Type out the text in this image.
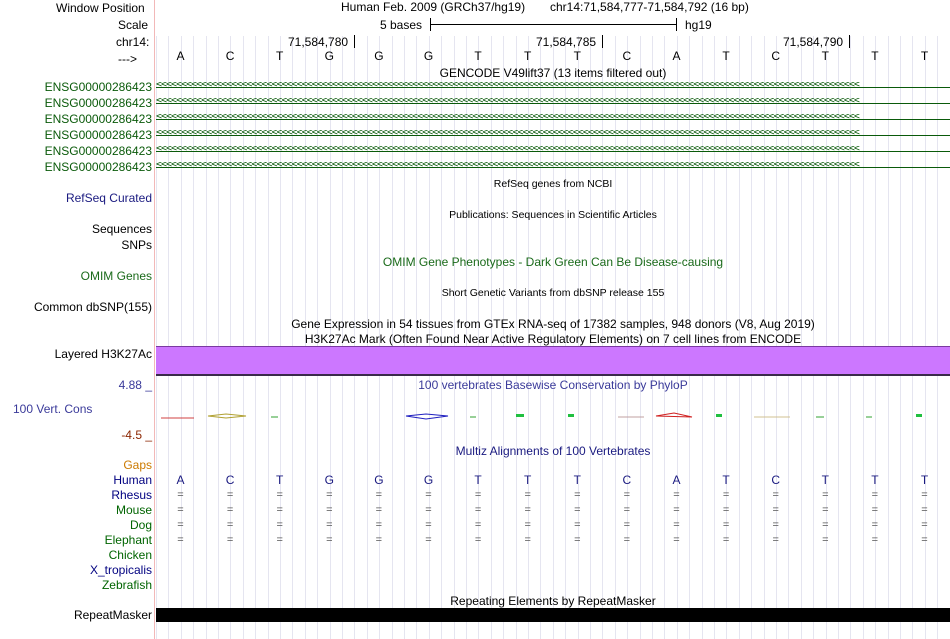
Window Position	Human Feb. 2009 (GRCh37/hg19) chr14:71,584,777-71,584,792 (16 bp)
Scale	5 bases	hg19
chr14:	71,584,780	71,584,785	71,584,790
--->	A	C	T	G	G	G	T	T	T	C	A	T	C	T	T	T
GENCODE V49lift37 (13 items filtered out)
ENSG00000286423 <<<<<<<<<<<<<<<<<<<<<<<<<<<<<<<<<<<<<<<<<<<<<<<<<<<<<<<<<<<<<<<<<<<<<<<<<<<<<<<<<<<<<<<<<<<<<<<<<<<<<<<<<<<<<<<<<<<<<<<<<<<<<<<<<<<<<<<<<<<<
ENSG00000286423 <<<<<<<<<<<<<<<<<<<<<<<<<<<<<<<<<<<<<<<<<<<<<<<<<<<<<<<<<<<<<<<<<<<<<<<<<<<<<<<<<<<<<<<<<<<<<<<<<<<<<<<<<<<<<<<<<<<<<<<<<<<<<<<<<<<<<<<<<<<<
ENSG00000286423 <<<<<<<<<<<<<<<<<<<<<<<<<<<<<<<<<<<<<<<<<<<<<<<<<<<<<<<<<<<<<<<<<<<<<<<<<<<<<<<<<<<<<<<<<<<<<<<<<<<<<<<<<<<<<<<<<<<<<<<<<<<<<<<<<<<<<<<<<<<<
ENSG00000286423 <<<<<<<<<<<<<<<<<<<<<<<<<<<<<<<<<<<<<<<<<<<<<<<<<<<<<<<<<<<<<<<<<<<<<<<<<<<<<<<<<<<<<<<<<<<<<<<<<<<<<<<<<<<<<<<<<<<<<<<<<<<<<<<<<<<<<<<<<<<<
ENSG00000286423 <<<<<<<<<<<<<<<<<<<<<<<<<<<<<<<<<<<<<<<<<<<<<<<<<<<<<<<<<<<<<<<<<<<<<<<<<<<<<<<<<<<<<<<<<<<<<<<<<<<<<<<<<<<<<<<<<<<<<<<<<<<<<<<<<<<<<<<<<<<<
ENSG00000286423 <<<<<<<<<<<<<<<<<<<<<<<<<<<<<<<<<<<<<<<<<<<<<<<<<<<<<<<<<<<<<<<<<<<<<<<<<<<<<<<<<<<<<<<<<<<<<<<<<<<<<<<<<<<<<<<<<<<<<<<<<<<<<<<<<<<<<<<<<<<<
RefSeq genes from NCBI
RefSeq Curated
Publications: Sequences in Scientific Articles
Sequences
SNPs
OMIM Gene Phenotypes - Dark Green Can Be Disease-causing
OMIM Genes
Short Genetic Variants from dbSNP release 155
Common dbSNP(155)
Gene Expression in 54 tissues from GTEx RNA-seq of 17382 samples, 948 donors (V8, Aug 2019)
H3K27Ac Mark (Often Found Near Active Regulatory Elements) on 7 cell lines from ENCODE
Layered H3K27Ac
4.88 _	100 vertebrates Basewise Conservation by PhyloP
100 Vert. Cons
-4.5 _
Multiz Alignments of 100 Vertebrates
Gaps
Human	A	C	T	G	G	G	T	T	T	C	A	T	C	T	T	T
Rhesus	=	=	=	=	=	=	=	=	=	=	=	=	=	=	=	=
Mouse	=	=	=	=	=	=	=	=	=	=	=	=	=	=	=	=
Dog	=	=	=	=	=	=	=	=	=	=	=	=	=	=	=	=
Elephant	=	=	=	=	=	=	=	=	=	=	=	=	=	=	=	=
Chicken
X_tropicalis
Zebrafish
Repeating Elements by RepeatMasker
RepeatMasker
